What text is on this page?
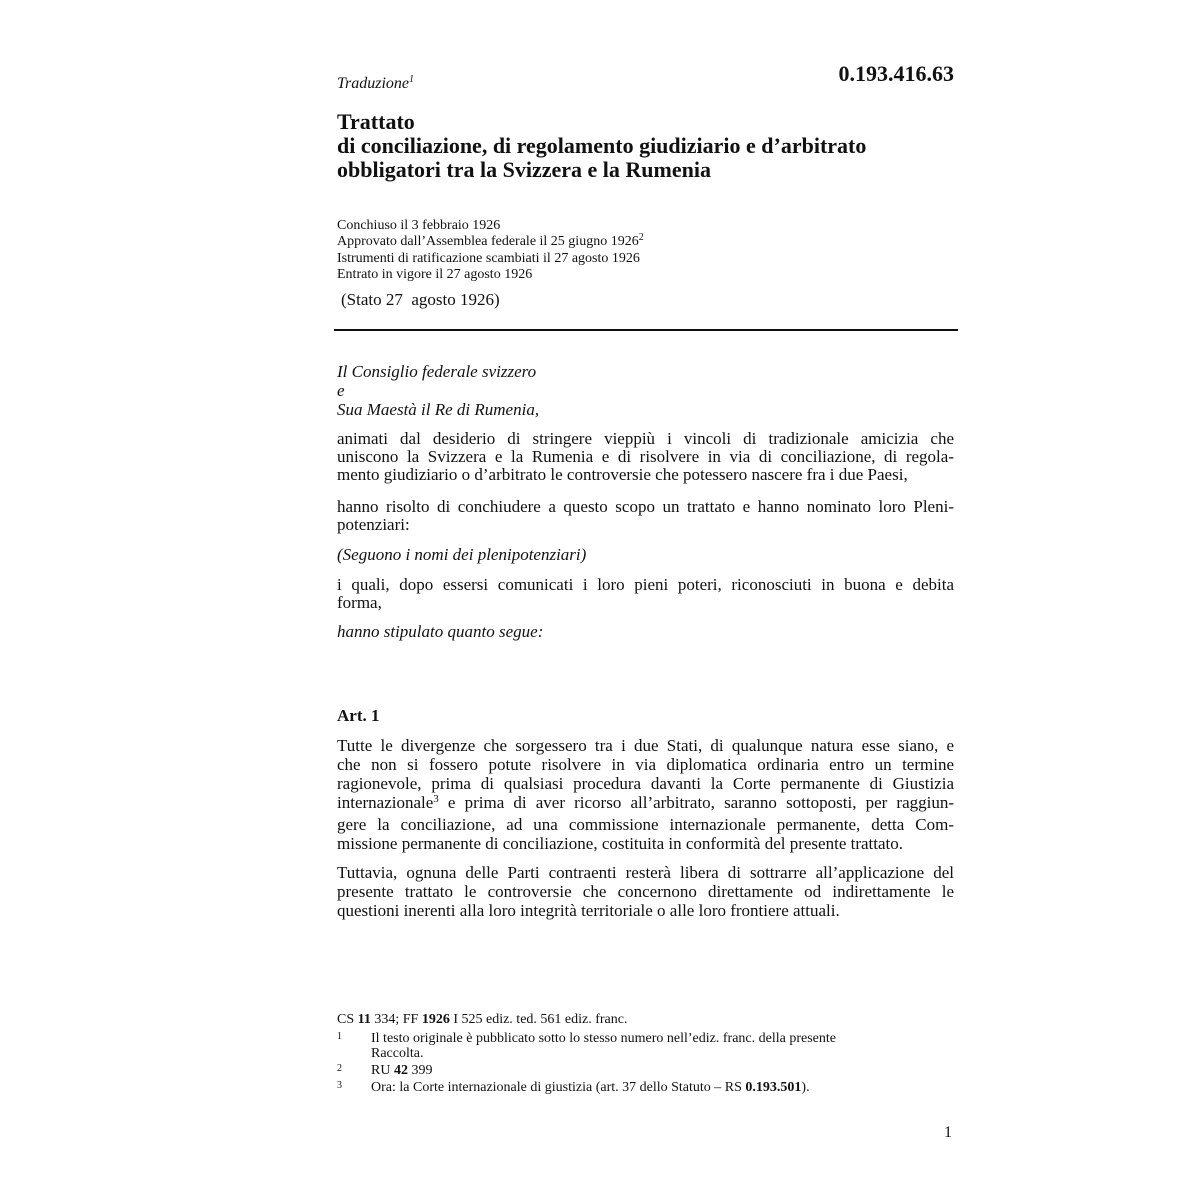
Traduzione$^1$	0.193.416.63
Trattato
di conciliazione, di regolamento giudiziario e d’arbitrato
obbligatori tra la Svizzera e la Rumenia
Conchiuso il 3 febbraio 1926
Approvato dall’Assemblea federale il 25 giugno 1926$^2$
Istrumenti di ratificazione scambiati il 27 agosto 1926
Entrato in vigore il 27 agosto 1926
(Stato 27  agosto 1926)
Il Consiglio federale svizzero
e
Sua Maestà il Re di Rumenia,
animati dal desiderio di stringere vieppiù i vincoli di tradizionale amicizia che
uniscono la Svizzera e la Rumenia e di risolvere in via di conciliazione, di regola-
mento giudiziario o d’arbitrato le controversie che potessero nascere fra i due Paesi,
hanno risolto di conchiudere a questo scopo un trattato e hanno nominato loro Pleni-
potenziari:
(Seguono i nomi dei plenipotenziari)
i quali, dopo essersi comunicati i loro pieni poteri, riconosciuti in buona e debita
forma,
hanno stipulato quanto segue:
Art. 1
Tutte le divergenze che sorgessero tra i due Stati, di qualunque natura esse siano, e
che non si fossero potute risolvere in via diplomatica ordinaria entro un termine
ragionevole, prima di qualsiasi procedura davanti la Corte permanente di Giustizia
internazionale$^3$ e prima di aver ricorso all’arbitrato, saranno sottoposti, per raggiun-
gere la conciliazione, ad una commissione internazionale permanente, detta Com-
missione permanente di conciliazione, costituita in conformità del presente trattato.
Tuttavia, ognuna delle Parti contraenti resterà libera di sottrarre all’applicazione del
presente trattato le controversie che concernono direttamente od indirettamente le
questioni inerenti alla loro integrità territoriale o alle loro frontiere attuali.
CS 11 334; FF 1926 I 525 ediz. ted. 561 ediz. franc.
1 Il testo originale è pubblicato sotto lo stesso numero nell’ediz. franc. della presente
Raccolta.
2 RU 42 399
3 Ora: la Corte internazionale di giustizia (art. 37 dello Statuto – RS 0.193.501).
1
